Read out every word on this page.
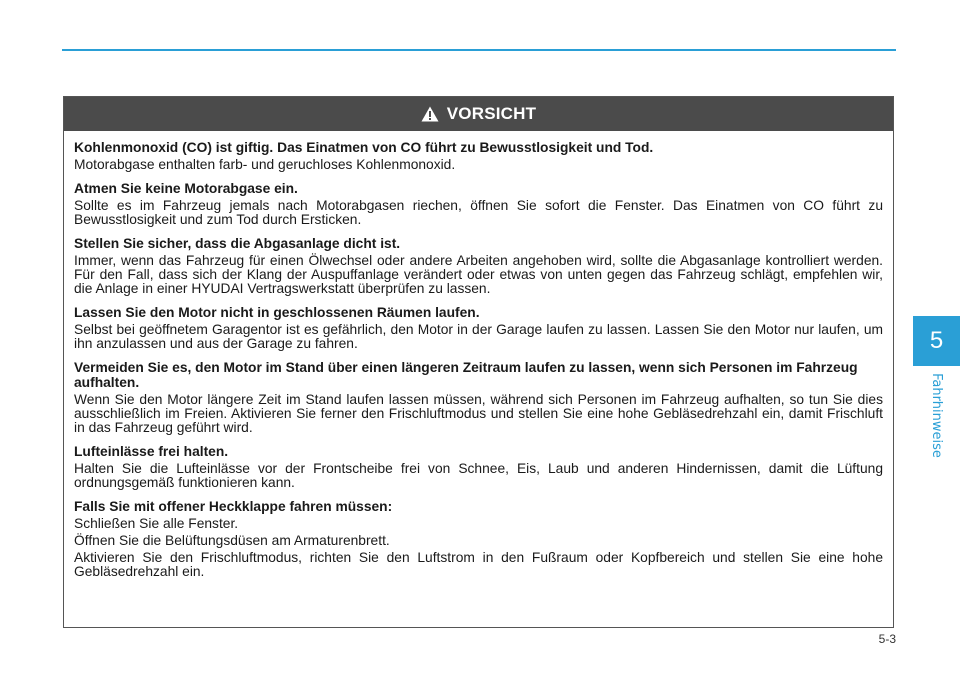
5
Fahrhinweise
VORSICHT

Kohlenmonoxid (CO) ist giftig. Das Einatmen von CO führt zu Bewusstlosigkeit und Tod.

Motorabgase enthalten farb- und geruchloses Kohlenmonoxid.

Atmen Sie keine Motorabgase ein.

Sollte es im Fahrzeug jemals nach Motorabgasen riechen, öffnen Sie sofort die Fenster. Das Einatmen von CO führt zu Bewusstlosigkeit und zum Tod durch Ersticken.

Stellen Sie sicher, dass die Abgasanlage dicht ist.

Immer, wenn das Fahrzeug für einen Ölwechsel oder andere Arbeiten angehoben wird, sollte die Abgasanlage kontrolliert werden. Für den Fall, dass sich der Klang der Auspuffanlage verändert oder etwas von unten gegen das Fahrzeug schlägt, empfehlen wir, die Anlage in einer HYUDAI Vertragswerkstatt überprüfen zu lassen.

Lassen Sie den Motor nicht in geschlossenen Räumen laufen.

Selbst bei geöffnetem Garagentor ist es gefährlich, den Motor in der Garage laufen zu lassen. Lassen Sie den Motor nur laufen, um ihn anzulassen und aus der Garage zu fahren.

Vermeiden Sie es, den Motor im Stand über einen längeren Zeitraum laufen zu lassen, wenn sich Personen im Fahrzeug aufhalten.

Wenn Sie den Motor längere Zeit im Stand laufen lassen müssen, während sich Personen im Fahrzeug aufhalten, so tun Sie dies ausschließlich im Freien. Aktivieren Sie ferner den Frischluftmodus und stellen Sie eine hohe Gebläsedrehzahl ein, damit Frischluft in das Fahrzeug geführt wird.

Lufteinlässe frei halten.

Halten Sie die Lufteinlässe vor der Frontscheibe frei von Schnee, Eis, Laub und anderen Hindernissen, damit die Lüftung ordnungsgemäß funktionieren kann.

Falls Sie mit offener Heckklappe fahren müssen:

Schließen Sie alle Fenster.

Öffnen Sie die Belüftungsdüsen am Armaturenbrett.

Aktivieren Sie den Frischluftmodus, richten Sie den Luftstrom in den Fußraum oder Kopfbereich und stellen Sie eine hohe Gebläsedrehzahl ein.

5-3
